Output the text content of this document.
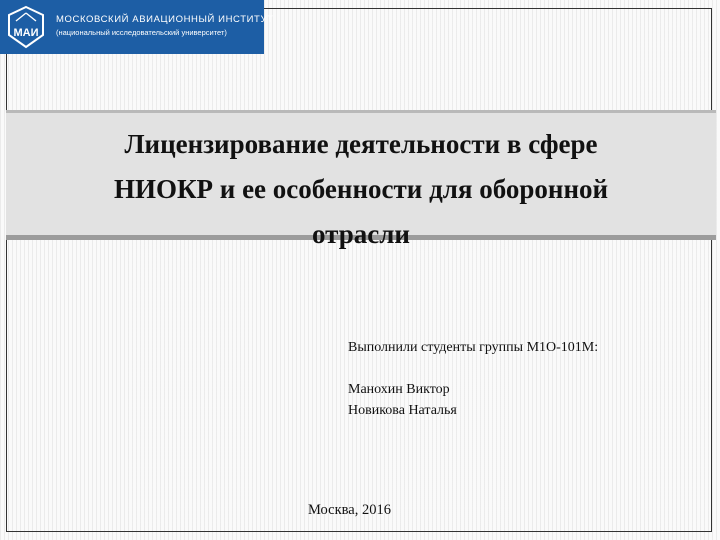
МАИ
МОСКОВСКИЙ АВИАЦИОННЫЙ ИНСТИТУТ
(национальный исследовательский университет)
Лицензирование деятельности в сфере
НИОКР и ее особенности для оборонной
отрасли
Выполнили студенты группы М1О-101М:
Манохин Виктор
Новикова Наталья
Москва, 2016
